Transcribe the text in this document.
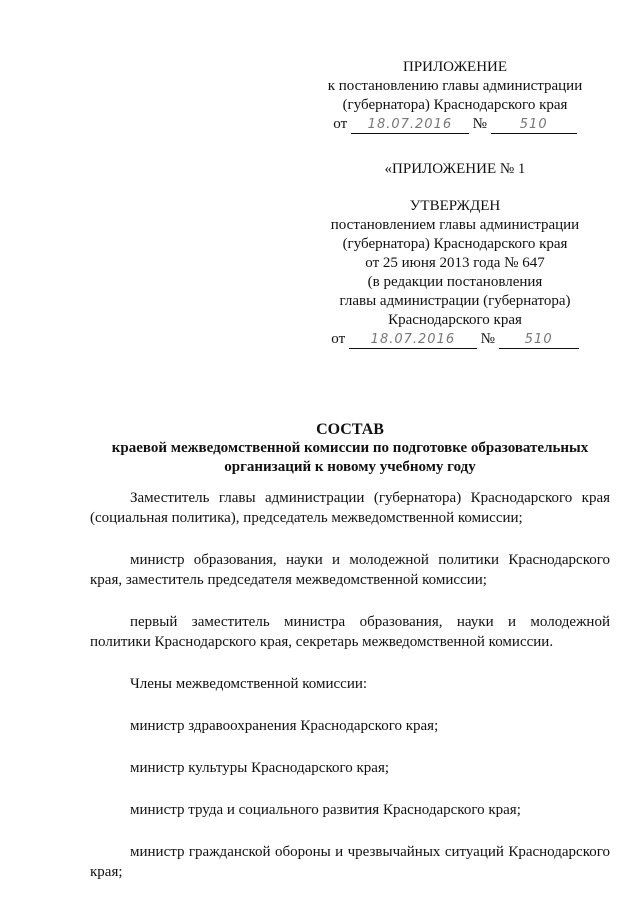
ПРИЛОЖЕНИЕ
к постановлению главы администрации
(губернатора) Краснодарского края
от 18.07.2016 №	510
«ПРИЛОЖЕНИЕ № 1
УТВЕРЖДЕН
постановлением главы администрации
(губернатора) Краснодарского края
от 25 июня 2013 года № 647
(в редакции постановления
главы администрации (губернатора)
Краснодарского края
от 18.07.2016 № 510
СОСТАВ
краевой межведомственной комиссии по подготовке образовательных
организаций к новому учебному году

Заместитель главы администрации (губернатора) Краснодарского края (социальная политика), председатель межведомственной комиссии;

министр образования, науки и молодежной политики Краснодарского края, заместитель председателя межведомственной комиссии;

первый заместитель министра образования, науки и молодежной политики Краснодарского края, секретарь межведомственной комиссии.

Члены межведомственной комиссии:

министр здравоохранения Краснодарского края;

министр культуры Краснодарского края;

министр труда и социального развития Краснодарского края;

министр гражданской обороны и чрезвычайных ситуаций Краснодарского края;
